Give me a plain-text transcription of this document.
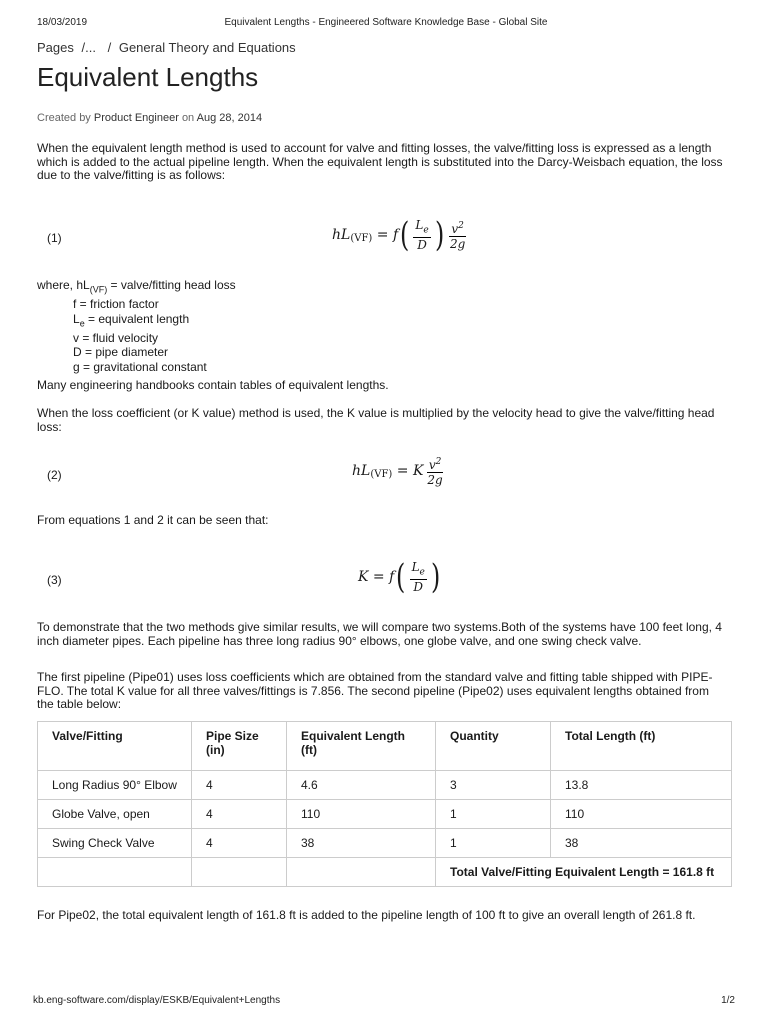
18/03/2019	Equivalent Lengths - Engineered Software Knowledge Base - Global Site
Pages /... / General Theory and Equations
Equivalent Lengths
Created by Product Engineer on Aug 28, 2014
When the equivalent length method is used to account for valve and fitting losses, the valve/fitting loss is expressed as a length which is added to the actual pipeline length. When the equivalent length is substituted into the Darcy-Weisbach equation, the loss due to the valve/fitting is as follows:
(1)	hL (VF)
=
f ( $\frac{L_e}{D}$ ) $\frac{v^2}{2g}$
where, $hL_{(VF)}$ = valve/fitting head loss
f = friction factor
$L_e$ = equivalent length
v = fluid velocity
D = pipe diameter
g = gravitational constant
Many engineering handbooks contain tables of equivalent lengths.
When the loss coefficient (or K value) method is used, the K value is multiplied by the velocity head to give the valve/fitting head loss:
(2)	hL (VF)
=
K $\frac{v^2}{2g}$
From equations 1 and 2 it can be seen that:
(3)	K
=
f ( $\frac{L_e}{D}$ )
To demonstrate that the two methods give similar results, we will compare two systems.Both of the systems have 100 feet long, 4 inch diameter pipes. Each pipeline has three long radius 90° elbows, one globe valve, and one swing check valve.
The first pipeline (Pipe01) uses loss coefficients which are obtained from the standard valve and fitting table shipped with PIPE-FLO. The total K value for all three valves/fittings is 7.856. The second pipeline (Pipe02) uses equivalent lengths obtained from the table below:
Valve/Fitting	Pipe Size (in)	Equivalent Length (ft)	Quantity	Total Length (ft)
Long Radius 90° Elbow	4	4.6	3	13.8
Globe Valve, open	4	110	1	110
Swing Check Valve	4	38	1	38
			Total Valve/Fitting Equivalent Length = 161.8 ft	
For Pipe02, the total equivalent length of 161.8 ft is added to the pipeline length of 100 ft to give an overall length of 261.8 ft.
kb.eng-software.com/display/ESKB/Equivalent+Lengths	1/2
